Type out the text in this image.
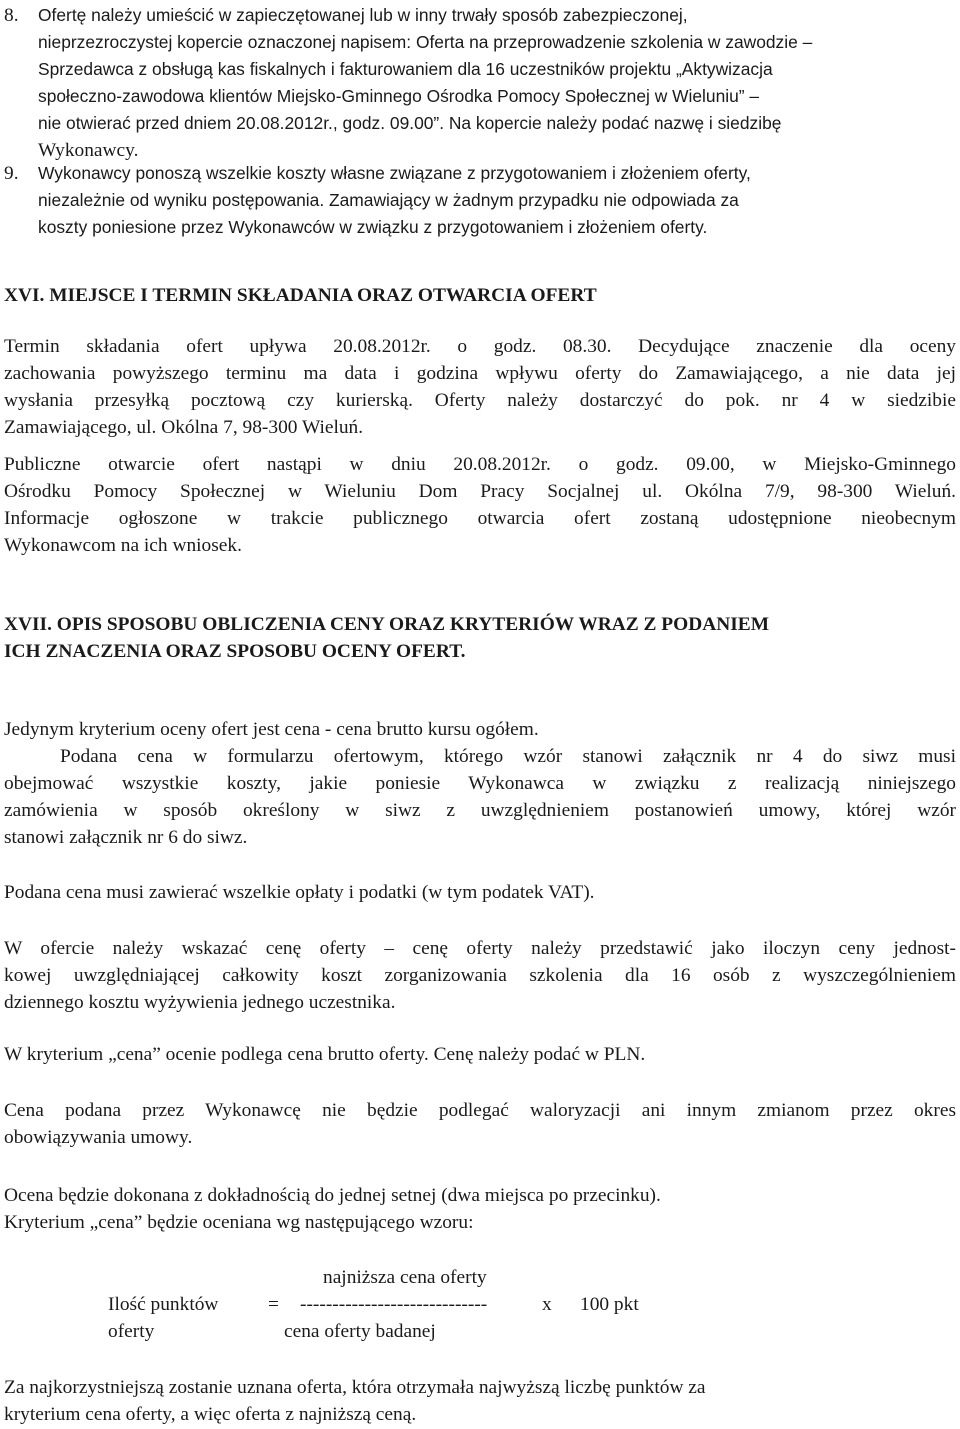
8.	Ofertę należy umieścić w zapieczętowanej lub w inny trwały sposób zabezpieczonej,
nieprzezroczystej kopercie oznaczonej napisem: Oferta na przeprowadzenie szkolenia w zawodzie –
Sprzedawca z obsługą kas fiskalnych i fakturowaniem dla 16 uczestników projektu „Aktywizacja
społeczno-zawodowa klientów Miejsko-Gminnego Ośrodka Pomocy Społecznej w Wieluniu” –
nie otwierać przed dniem 20.08.2012r., godz. 09.00”. Na kopercie należy podać nazwę i siedzibę
Wykonawcy.

9.	Wykonawcy ponoszą wszelkie koszty własne związane z przygotowaniem i złożeniem oferty,
niezależnie od wyniku postępowania. Zamawiający w żadnym przypadku nie odpowiada za
koszty poniesione przez Wykonawców w związku z przygotowaniem i złożeniem oferty.

XVI. MIEJSCE I TERMIN SKŁADANIA ORAZ OTWARCIA OFERT

Termin składania ofert upływa 20.08.2012r. o godz. 08.30. Decydujące znaczenie dla oceny
zachowania powyższego terminu ma data i godzina wpływu oferty do Zamawiającego, a nie data jej
wysłania przesyłką pocztową czy kurierską. Oferty należy dostarczyć do pok. nr 4 w siedzibie
Zamawiającego, ul. Okólna 7, 98-300 Wieluń.

Publiczne otwarcie ofert nastąpi w dniu 20.08.2012r. o godz. 09.00, w Miejsko-Gminnego
Ośrodku Pomocy Społecznej w Wieluniu Dom Pracy Socjalnej ul. Okólna 7/9, 98-300 Wieluń.
Informacje ogłoszone w trakcie publicznego otwarcia ofert zostaną udostępnione nieobecnym
Wykonawcom na ich wniosek.

XVII. OPIS SPOSOBU OBLICZENIA CENY ORAZ KRYTERIÓW WRAZ Z PODANIEM
ICH ZNACZENIA ORAZ SPOSOBU OCENY OFERT.

Jedynym kryterium oceny ofert jest cena - cena brutto kursu ogółem.

Podana cena w formularzu ofertowym, którego wzór stanowi załącznik nr 4 do siwz musi
obejmować wszystkie koszty, jakie poniesie Wykonawca w związku z realizacją niniejszego
zamówienia w sposób określony w siwz z uwzględnieniem postanowień umowy, której wzór
stanowi załącznik nr 6 do siwz.

Podana cena musi zawierać wszelkie opłaty i podatki (w tym podatek VAT).

W ofercie należy wskazać cenę oferty – cenę oferty należy przedstawić jako iloczyn ceny jednost-
kowej uwzględniającej całkowity koszt zorganizowania szkolenia dla 16 osób z wyszczególnieniem
dziennego kosztu wyżywienia jednego uczestnika.

W kryterium „cena” ocenie podlega cena brutto oferty. Cenę należy podać w PLN.

Cena podana przez Wykonawcę nie będzie podlegać waloryzacji ani innym zmianom przez okres
obowiązywania umowy.

Ocena będzie dokonana z dokładnością do jednej setnej (dwa miejsca po przecinku).
Kryterium „cena” będzie oceniana wg następującego wzoru:

najniższa cena oferty
Ilość punktów	= -----------------------------	x 100 pkt
oferty	cena oferty badanej

Za najkorzystniejszą zostanie uznana oferta, która otrzymała najwyższą liczbę punktów za
kryterium cena oferty, a więc oferta z najniższą ceną.
